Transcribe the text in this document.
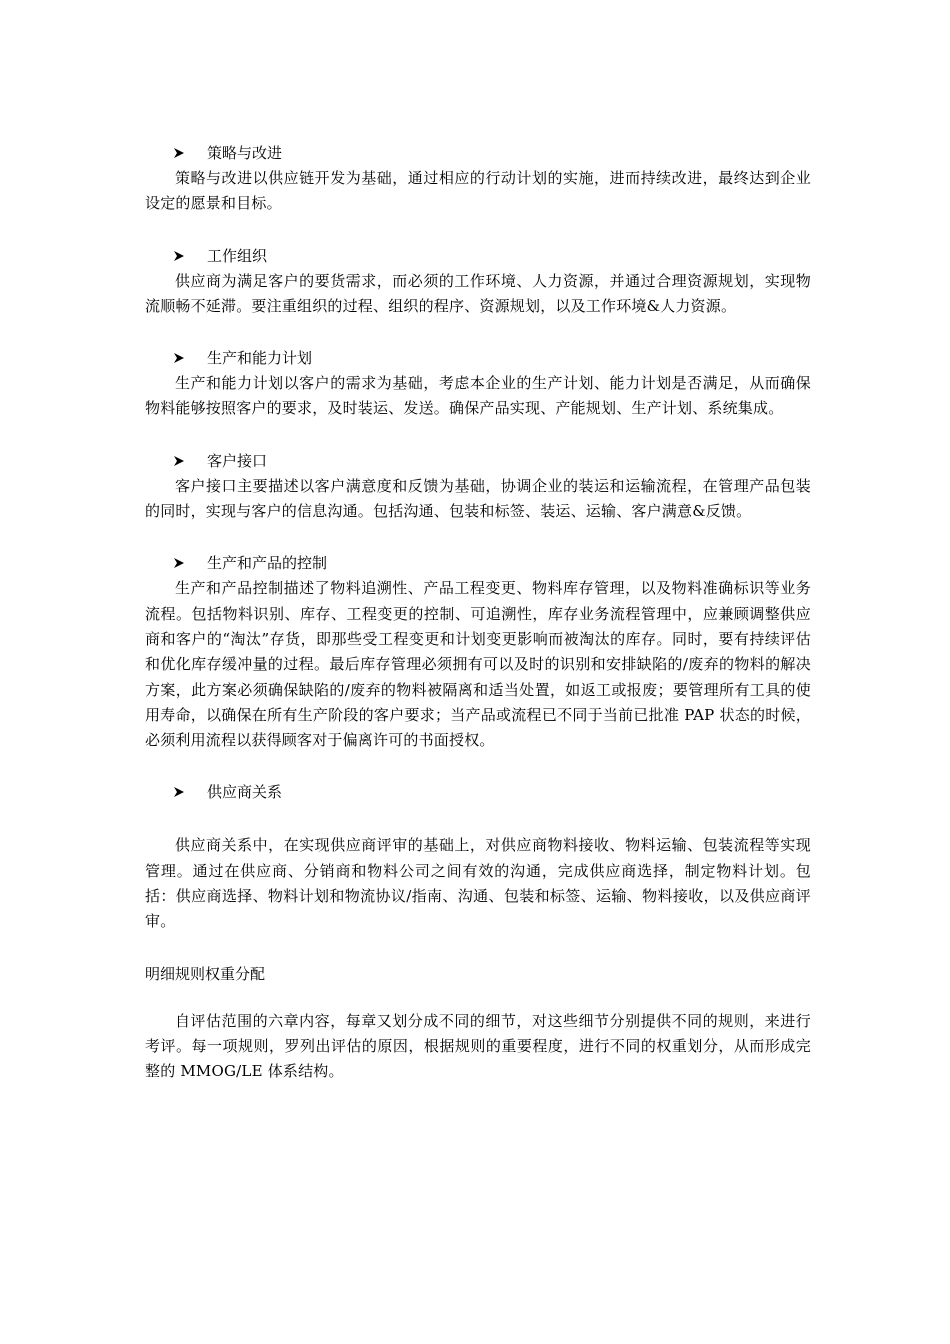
策略与改进

策略与改进以供应链开发为基础，通过相应的行动计划的实施，进而持续改进，最终达到企业设定的愿景和目标。

工作组织

供应商为满足客户的要货需求，而必须的工作环境、人力资源，并通过合理资源规划，实现物流顺畅不延滞。要注重组织的过程、组织的程序、资源规划，以及工作环境&人力资源。

生产和能力计划

生产和能力计划以客户的需求为基础，考虑本企业的生产计划、能力计划是否满足，从而确保物料能够按照客户的要求，及时装运、发送。确保产品实现、产能规划、生产计划、系统集成。

客户接口

客户接口主要描述以客户满意度和反馈为基础，协调企业的装运和运输流程，在管理产品包装的同时，实现与客户的信息沟通。包括沟通、包装和标签、装运、运输、客户满意&反馈。

生产和产品的控制

生产和产品控制描述了物料追溯性、产品工程变更、物料库存管理，以及物料准确标识等业务流程。包括物料识别、库存、工程变更的控制、可追溯性，库存业务流程管理中，应兼顾调整供应商和客户的“淘汰”存货，即那些受工程变更和计划变更影响而被淘汰的库存。同时，要有持续评估和优化库存缓冲量的过程。最后库存管理必须拥有可以及时的识别和安排缺陷的/废弃的物料的解决方案，此方案必须确保缺陷的/废弃的物料被隔离和适当处置，如返工或报废；要管理所有工具的使用寿命，以确保在所有生产阶段的客户要求；当产品或流程已不同于当前已批准 PAP 状态的时候，必须利用流程以获得顾客对于偏离许可的书面授权。

供应商关系

供应商关系中，在实现供应商评审的基础上，对供应商物料接收、物料运输、包装流程等实现管理。通过在供应商、分销商和物料公司之间有效的沟通，完成供应商选择，制定物料计划。包括：供应商选择、物料计划和物流协议/指南、沟通、包装和标签、运输、物料接收，以及供应商评审。

明细规则权重分配

自评估范围的六章内容，每章又划分成不同的细节，对这些细节分别提供不同的规则，来进行考评。每一项规则，罗列出评估的原因，根据规则的重要程度，进行不同的权重划分，从而形成完整的 MMOG/LE 体系结构。
